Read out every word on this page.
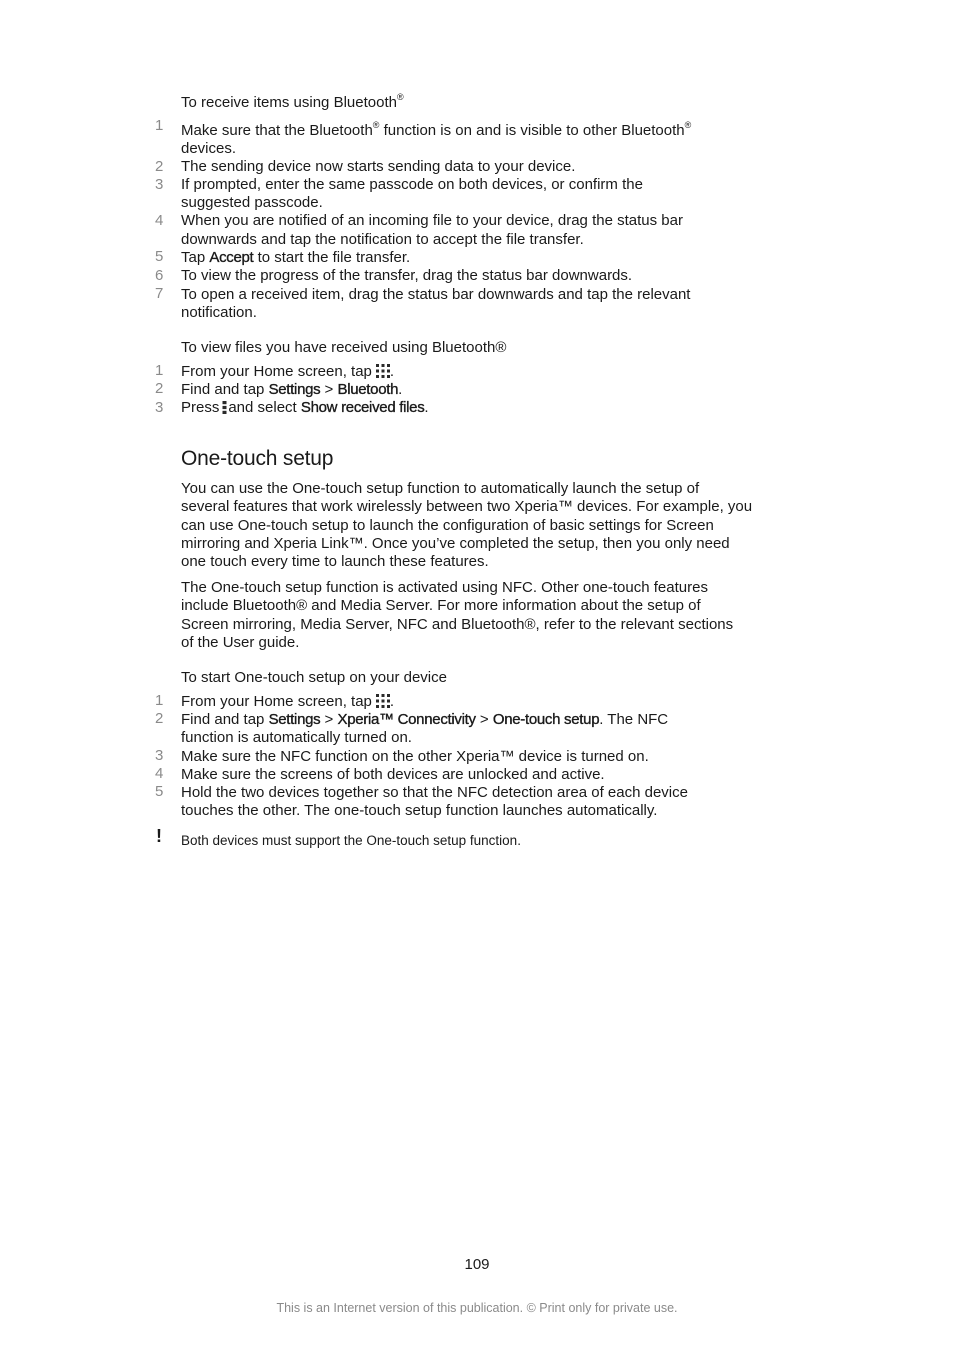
To receive items using Bluetooth®
1 Make sure that the Bluetooth® function is on and is visible to other Bluetooth®
devices.
2 The sending device now starts sending data to your device.
3 If prompted, enter the same passcode on both devices, or confirm the
suggested passcode.
4 When you are notified of an incoming file to your device, drag the status bar
downwards and tap the notification to accept the file transfer.
5 Tap Accept to start the file transfer.
6 To view the progress of the transfer, drag the status bar downwards.
7 To open a received item, drag the status bar downwards and tap the relevant
notification.
To view files you have received using Bluetooth®
1 From your Home screen, tap .
2 Find and tap Settings > Bluetooth.
3 Press and select Show received files.
One-touch setup
You can use the One-touch setup function to automatically launch the setup of
several features that work wirelessly between two Xperia™ devices. For example, you
can use One-touch setup to launch the configuration of basic settings for Screen
mirroring and Xperia Link™. Once you’ve completed the setup, then you only need
one touch every time to launch these features.
The One-touch setup function is activated using NFC. Other one-touch features
include Bluetooth® and Media Server. For more information about the setup of
Screen mirroring, Media Server, NFC and Bluetooth®, refer to the relevant sections
of the User guide.
To start One-touch setup on your device
1 From your Home screen, tap .
2 Find and tap Settings > Xperia™ Connectivity > One-touch setup. The NFC
function is automatically turned on.
3 Make sure the NFC function on the other Xperia™ device is turned on.
4 Make sure the screens of both devices are unlocked and active.
5 Hold the two devices together so that the NFC detection area of each device
touches the other. The one-touch setup function launches automatically.
! Both devices must support the One-touch setup function.
109
This is an Internet version of this publication. © Print only for private use.
